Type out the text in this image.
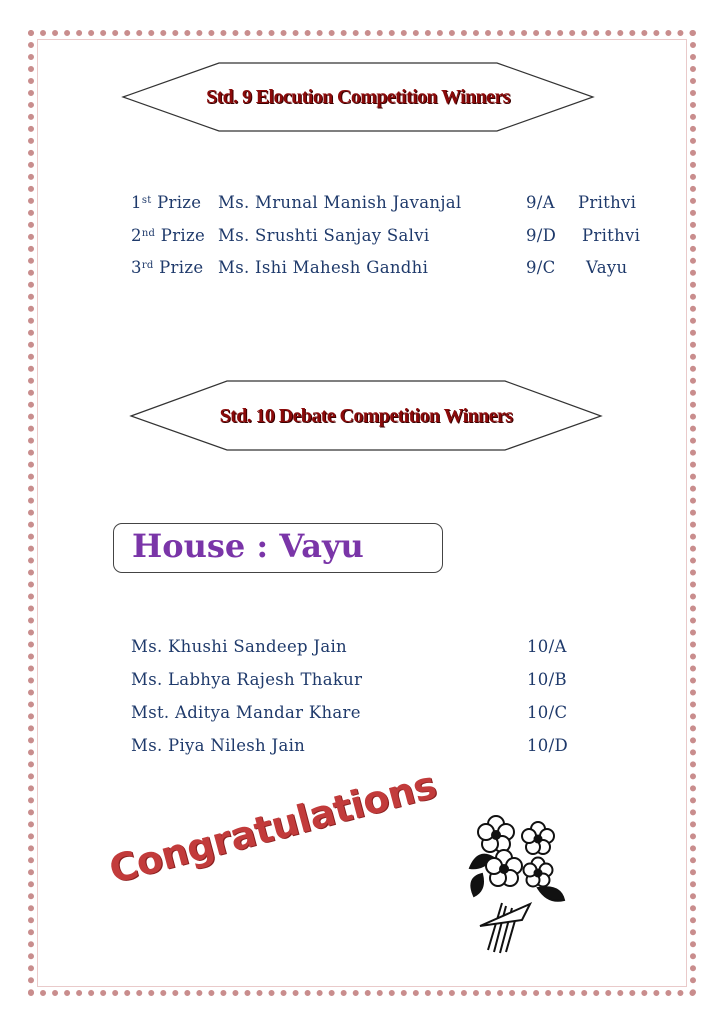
Std. 9 Elocution Competition Winners
1st Prize Ms. Mrunal Manish Javanjal	9/A Prithvi
2nd Prize Ms. Srushti Sanjay Salvi	9/D Prithvi
3rd Prize Ms. Ishi Mahesh Gandhi	9/C Vayu
Std. 10 Debate Competition Winners
House : Vayu
Ms. Khushi Sandeep Jain	10/A
Ms. Labhya Rajesh Thakur	10/B
Mst. Aditya Mandar Khare	10/C
Ms. Piya Nilesh Jain	10/D
Congratulations
